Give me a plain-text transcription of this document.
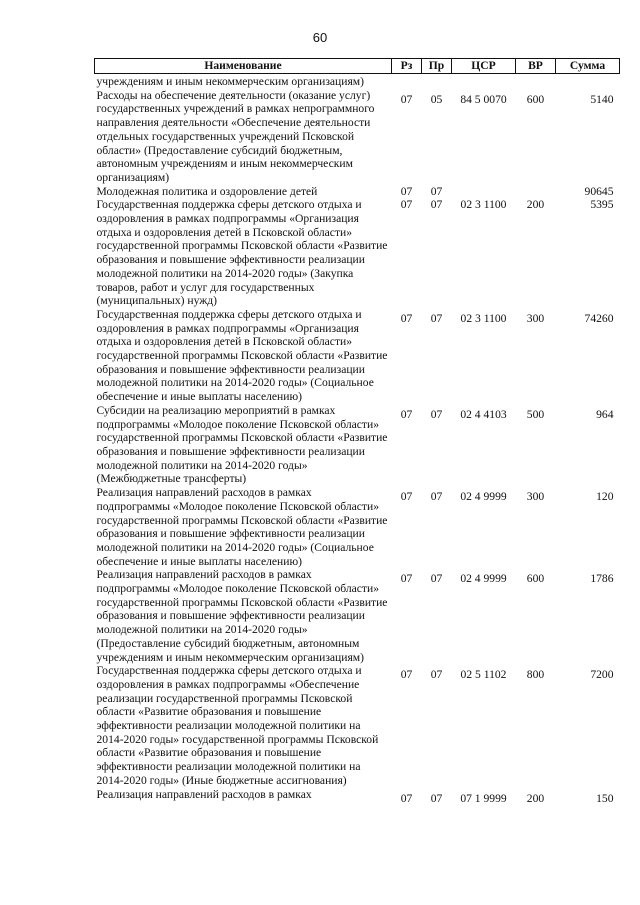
60
Наименование	Рз	Пр	ЦСР	ВР	Сумма
учреждениям и иным некоммерческим организациям)					
Расходы на обеспечение деятельности (оказание услуг) государственных учреждений в рамках непрограммного направления деятельности «Обеспечение деятельности отдельных государственных учреждений Псковской области» (Предоставление субсидий бюджетным, автономным учреждениям и иным некоммерческим организациям)	07	05	84 5 0070	600	5140
Молодежная политика и оздоровление детей	07	07			90645
Государственная поддержка сферы детского отдыха и оздоровления в рамках подпрограммы «Организация отдыха и оздоровления детей в Псковской области» государственной программы Псковской области «Развитие образования и повышение эффективности реализации молодежной политики на 2014-2020 годы» (Закупка товаров, работ и услуг для государственных (муниципальных) нужд)	07	07	02 3 1100	200	5395
Государственная поддержка сферы детского отдыха и оздоровления в рамках подпрограммы «Организация отдыха и оздоровления детей в Псковской области» государственной программы Псковской области «Развитие образования и повышение эффективности реализации молодежной политики на 2014-2020 годы» (Социальное обеспечение и иные выплаты населению)	07	07	02 3 1100	300	74260
Субсидии на реализацию мероприятий в рамках подпрограммы «Молодое поколение Псковской области» государственной программы Псковской области «Развитие образования и повышение эффективности реализации молодежной политики на 2014-2020 годы» (Межбюджетные трансферты)	07	07	02 4 4103	500	964
Реализация направлений расходов в рамках подпрограммы «Молодое поколение Псковской области» государственной программы Псковской области «Развитие образования и повышение эффективности реализации молодежной политики на 2014-2020 годы» (Социальное обеспечение и иные выплаты населению)	07	07	02 4 9999	300	120
Реализация направлений расходов в рамках подпрограммы «Молодое поколение Псковской области» государственной программы Псковской области «Развитие образования и повышение эффективности реализации молодежной политики на 2014-2020 годы» (Предоставление субсидий бюджетным, автономным учреждениям и иным некоммерческим организациям)	07	07	02 4 9999	600	1786
Государственная поддержка сферы детского отдыха и оздоровления в рамках подпрограммы «Обеспечение реализации государственной программы Псковской области «Развитие образования и повышение эффективности реализации молодежной политики на 2014-2020 годы» государственной программы Псковской области «Развитие образования и повышение эффективности реализации молодежной политики на 2014-2020 годы» (Иные бюджетные ассигнования)	07	07	02 5 1102	800	7200
Реализация направлений расходов в рамках	07	07	07 1 9999	200	150
